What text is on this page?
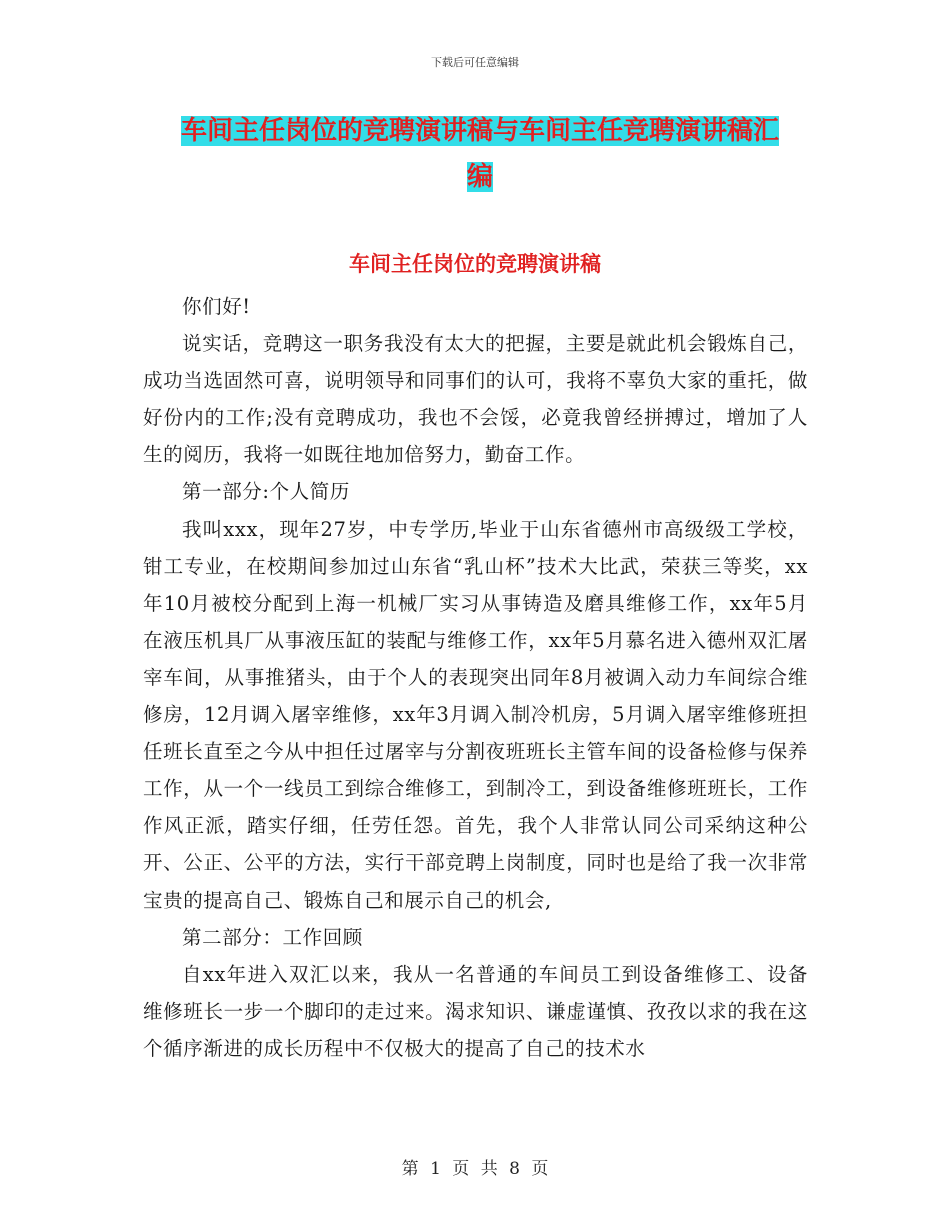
下载后可任意编辑
车间主任岗位的竞聘演讲稿与车间主任竞聘演讲稿汇
编
车间主任岗位的竞聘演讲稿

你们好!

说实话，竞聘这一职务我没有太大的把握，主要是就此机会锻炼自己，成功当选固然可喜，说明领导和同事们的认可，我将不辜负大家的重托，做好份内的工作;没有竞聘成功，我也不会馁，必竟我曾经拼搏过，增加了人生的阅历，我将一如既往地加倍努力，勤奋工作。

第一部分:个人简历

我叫xxx，现年27岁，中专学历,毕业于山东省德州市高级级工学校，钳工专业，在校期间参加过山东省“乳山杯”技术大比武，荣获三等奖，xx年10月被校分配到上海一机械厂实习从事铸造及磨具维修工作，xx年5月在液压机具厂从事液压缸的装配与维修工作，xx年5月慕名进入德州双汇屠宰车间，从事推猪头，由于个人的表现突出同年8月被调入动力车间综合维修房，12月调入屠宰维修，xx年3月调入制冷机房，5月调入屠宰维修班担任班长直至之今从中担任过屠宰与分割夜班班长主管车间的设备检修与保养工作，从一个一线员工到综合维修工，到制冷工，到设备维修班班长，工作作风正派，踏实仔细，任劳任怨。首先，我个人非常认同公司采纳这种公开、公正、公平的方法，实行干部竞聘上岗制度，同时也是给了我一次非常宝贵的提高自己、锻炼自己和展示自己的机会,

第二部分：工作回顾

自xx年进入双汇以来，我从一名普通的车间员工到设备维修工、设备维修班长一步一个脚印的走过来。渴求知识、谦虚谨慎、孜孜以求的我在这个循序渐进的成长历程中不仅极大的提高了自己的技术水

第 1 页 共 8 页
